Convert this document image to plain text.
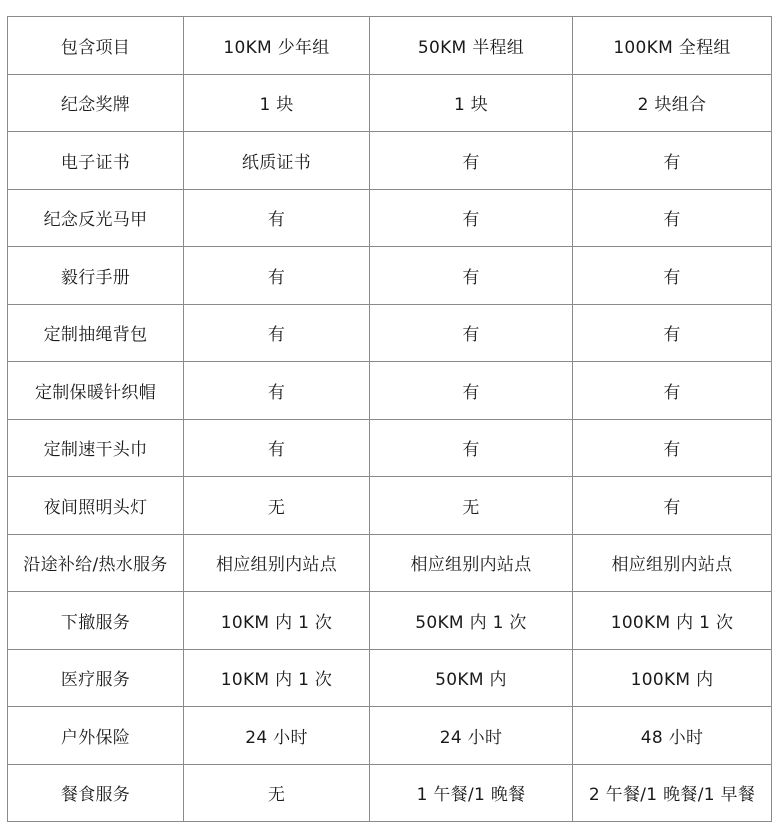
包含项目	10KM 少年组	50KM 半程组	100KM 全程组
纪念奖牌	1 块	1 块	2 块组合
电子证书	纸质证书	有	有
纪念反光马甲	有	有	有
毅行手册	有	有	有
定制抽绳背包	有	有	有
定制保暖针织帽	有	有	有
定制速干头巾	有	有	有
夜间照明头灯	无	无	有
沿途补给/热水服务	相应组别内站点	相应组别内站点	相应组别内站点
下撤服务	10KM 内 1 次	50KM 内 1 次	100KM 内 1 次
医疗服务	10KM 内 1 次	50KM 内	100KM 内
户外保险	24 小时	24 小时	48 小时
餐食服务	无	1 午餐/1 晚餐	2 午餐/1 晚餐/1 早餐
